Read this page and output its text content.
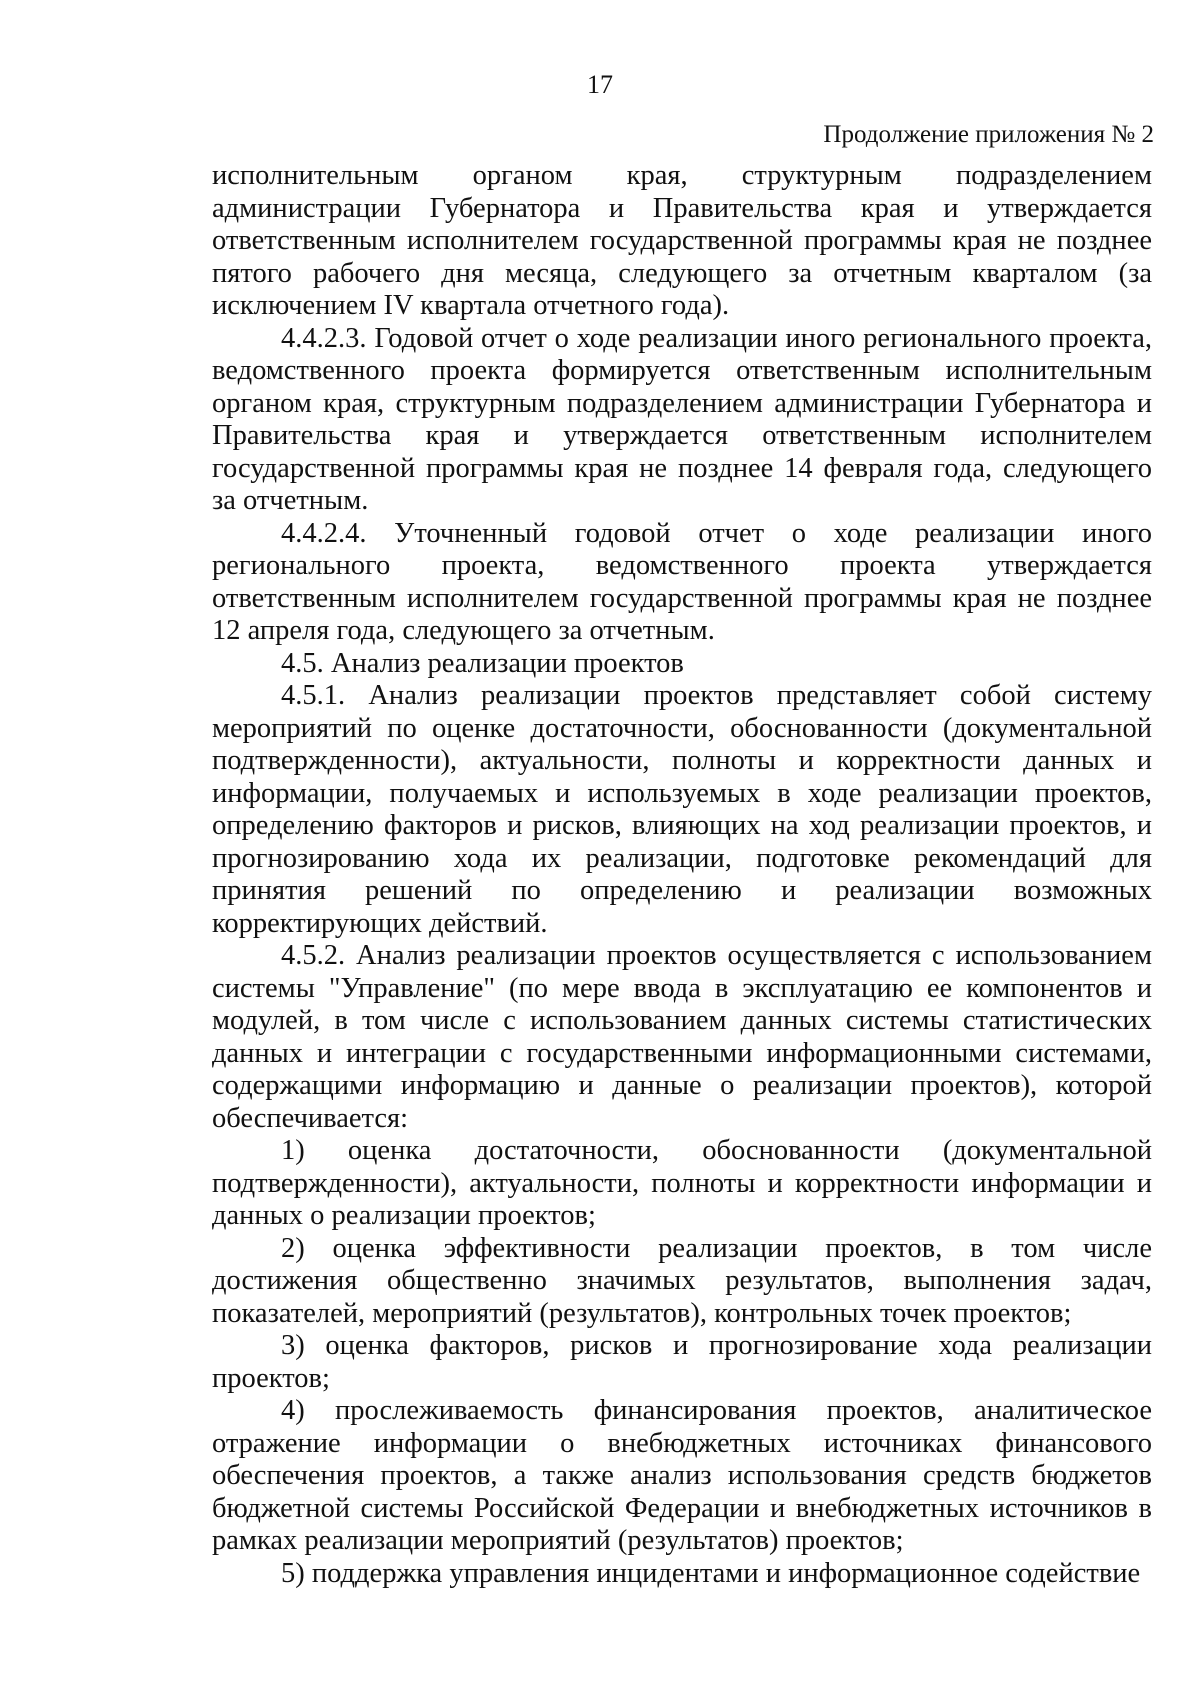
17
Продолжение приложения № 2

исполнительным органом края, структурным подразделением администрации Губернатора и Правительства края и утверждается ответственным исполнителем государственной программы края не позднее пятого рабочего дня месяца, следующего за отчетным кварталом (за исключением IV квартала отчетного года).

4.4.2.3. Годовой отчет о ходе реализации иного регионального проекта, ведомственного проекта формируется ответственным исполнительным органом края, структурным подразделением администрации Губернатора и Правительства края и утверждается ответственным исполнителем государственной программы края не позднее 14 февраля года, следующего за отчетным.

4.4.2.4. Уточненный годовой отчет о ходе реализации иного регионального проекта, ведомственного проекта утверждается ответственным исполнителем государственной программы края не позднее 12 апреля года, следующего за отчетным.

4.5. Анализ реализации проектов

4.5.1. Анализ реализации проектов представляет собой систему мероприятий по оценке достаточности, обоснованности (документальной подтвержденности), актуальности, полноты и корректности данных и информации, получаемых и используемых в ходе реализации проектов, определению факторов и рисков, влияющих на ход реализации проектов, и прогнозированию хода их реализации, подготовке рекомендаций для принятия решений по определению и реализации возможных корректирующих действий.

4.5.2. Анализ реализации проектов осуществляется с использованием системы "Управление" (по мере ввода в эксплуатацию ее компонентов и модулей, в том числе с использованием данных системы статистических данных и интеграции с государственными информационными системами, содержащими информацию и данные о реализации проектов), которой обеспечивается:

1) оценка достаточности, обоснованности (документальной подтвержденности), актуальности, полноты и корректности информации и данных о реализации проектов;

2) оценка эффективности реализации проектов, в том числе достижения общественно значимых результатов, выполнения задач, показателей, мероприятий (результатов), контрольных точек проектов;

3) оценка факторов, рисков и прогнозирование хода реализации проектов;

4) прослеживаемость финансирования проектов, аналитическое отражение информации о внебюджетных источниках финансового обеспечения проектов, а также анализ использования средств бюджетов бюджетной системы Российской Федерации и внебюджетных источников в рамках реализации мероприятий (результатов) проектов;

5) поддержка управления инцидентами и информационное содействие
